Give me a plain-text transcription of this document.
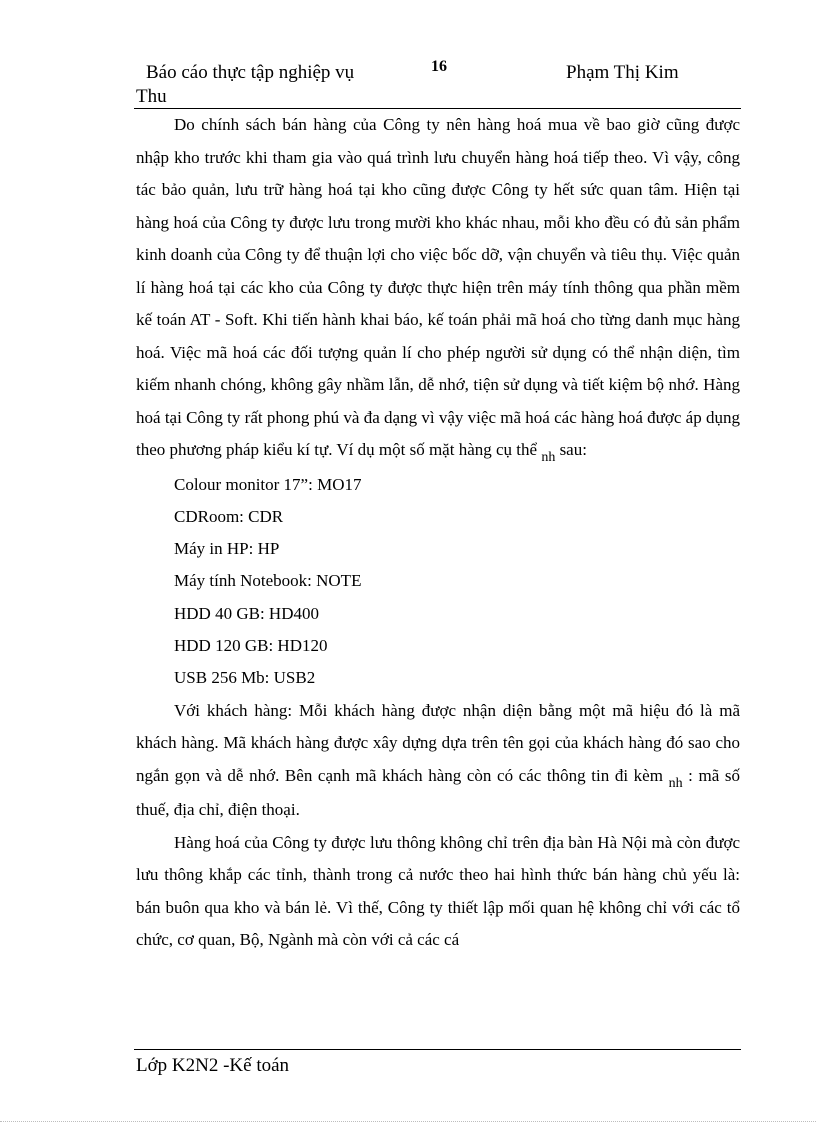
Báo cáo thực tập nghiệp vụ
Thu
16	Phạm Thị Kim

Do chính sách bán hàng của Công ty nên hàng hoá mua về bao giờ cũng được nhập kho trước khi tham gia vào quá trình lưu chuyển hàng hoá tiếp theo. Vì vậy, công tác bảo quản, lưu trữ hàng hoá tại kho cũng được Công ty hết sức quan tâm. Hiện tại hàng hoá của Công ty được lưu trong mười kho khác nhau, mỗi kho đều có đủ sản phẩm kinh doanh của Công ty để thuận lợi cho việc bốc dỡ, vận chuyển và tiêu thụ. Việc quản lí hàng hoá tại các kho của Công ty được thực hiện trên máy tính thông qua phần mềm kế toán AT - Soft. Khi tiến hành khai báo, kế toán phải mã hoá cho từng danh mục hàng hoá. Việc mã hoá các đối tượng quản lí cho phép người sử dụng có thể nhận diện, tìm kiếm nhanh chóng, không gây nhầm lẫn, dễ nhớ, tiện sử dụng và tiết kiệm bộ nhớ. Hàng hoá tại Công ty rất phong phú và đa dạng vì vậy việc mã hoá các hàng hoá được áp dụng theo phương pháp kiểu kí tự. Ví dụ một số mặt hàng cụ thể $_{nh}$ sau:

Colour monitor 17”: MO17
CDRoom: CDR
Máy in HP: HP
Máy tính Notebook: NOTE
HDD 40 GB: HD400
HDD 120 GB: HD120
USB 256 Mb: USB2

Với khách hàng: Mỗi khách hàng được nhận diện bằng một mã hiệu đó là mã khách hàng. Mã khách hàng được xây dựng dựa trên tên gọi của khách hàng đó sao cho ngắn gọn và dễ nhớ. Bên cạnh mã khách hàng còn có các thông tin đi kèm $_{nh}$ : mã số thuế, địa chỉ, điện thoại.

Hàng hoá của Công ty được lưu thông không chỉ trên địa bàn Hà Nội mà còn được lưu thông khắp các tỉnh, thành trong cả nước theo hai hình thức bán hàng chủ yếu là: bán buôn qua kho và bán lẻ. Vì thế, Công ty thiết lập mối quan hệ không chỉ với các tổ chức, cơ quan, Bộ, Ngành mà còn với cả các cá

Lớp K2N2 -Kế toán
